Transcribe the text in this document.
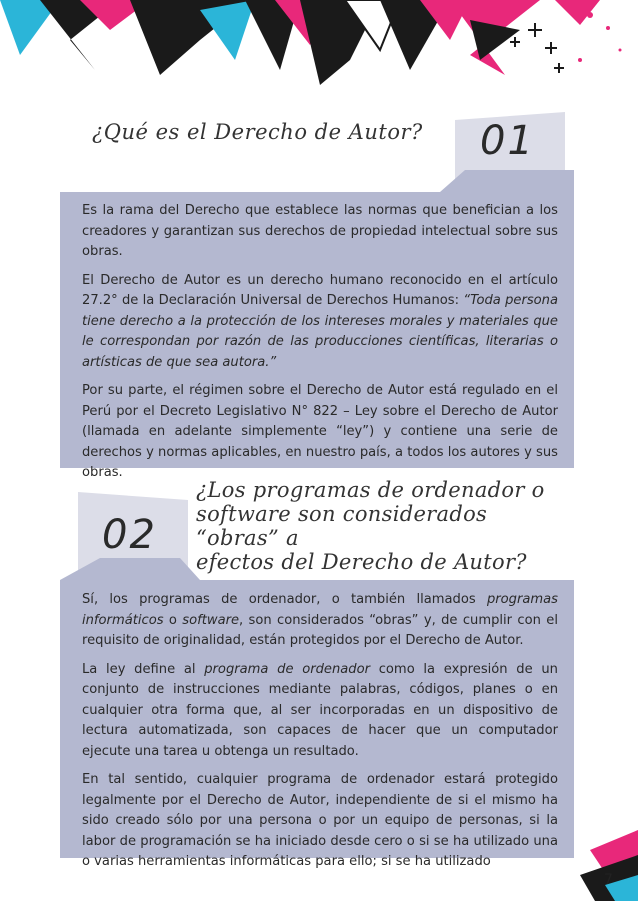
¿Qué es el Derecho de Autor? 01

Es la rama del Derecho que establece las normas que benefician a los creadores y garantizan sus derechos de propiedad intelectual sobre sus obras.

El Derecho de Autor es un derecho humano reconocido en el artículo 27.2° de la Declaración Universal de Derechos Humanos: “Toda persona tiene derecho a la protección de los intereses morales y materiales que le correspondan por razón de las producciones científicas, literarias o artísticas de que sea autora.”

Por su parte, el régimen sobre el Derecho de Autor está regulado en el Perú por el Decreto Legislativo N° 822 – Ley sobre el Derecho de Autor (llamada en adelante simplemente “ley”) y contiene una serie de derechos y normas aplicables, en nuestro país, a todos los autores y sus obras.

¿Los programas de ordenador o
software son considerados “obras” a
efectos del Derecho de Autor?
02

Sí, los programas de ordenador, o también llamados programas informáticos o software, son considerados “obras” y, de cumplir con el requisito de originalidad, están protegidos por el Derecho de Autor.

La ley define al programa de ordenador como la expresión de un conjunto de instrucciones mediante palabras, códigos, planes o en cualquier otra forma que, al ser incorporadas en un dispositivo de lectura automatizada, son capaces de hacer que un computador ejecute una tarea u obtenga un resultado.

En tal sentido, cualquier programa de ordenador estará protegido legalmente por el Derecho de Autor, independiente de si el mismo ha sido creado sólo por una persona o por un equipo de personas, si la labor de programación se ha iniciado desde cero o si se ha utilizado una o varias herramientas informáticas para ello; si se ha utilizado

7
